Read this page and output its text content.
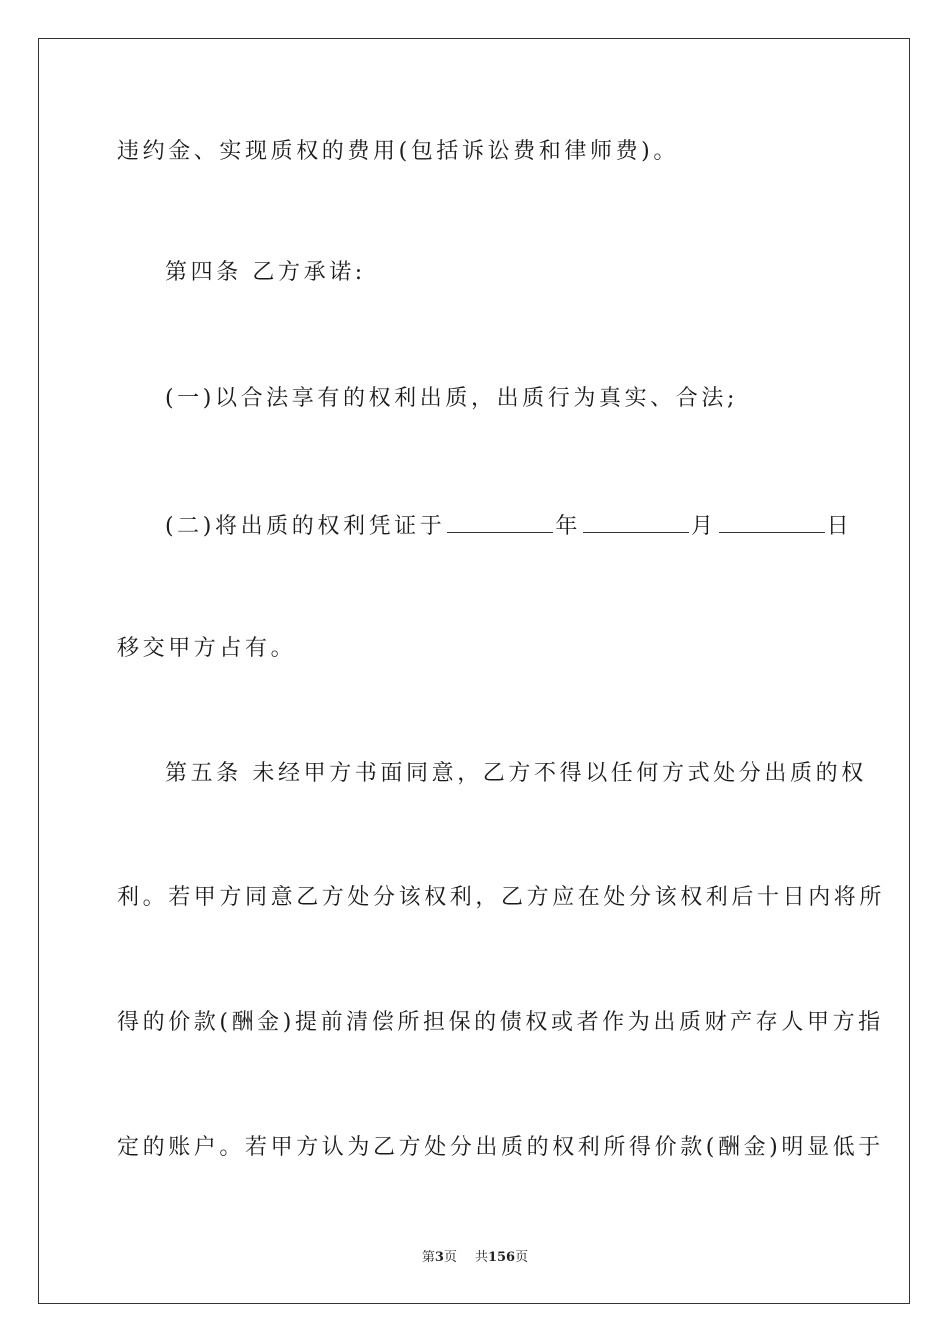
违约金、实现质权的费用(包括诉讼费和律师费)。
第四条 乙方承诺:
(一)以合法享有的权利出质，出质行为真实、合法;
(二)将出质的权利凭证于	年	月	日
移交甲方占有。
第五条 未经甲方书面同意，乙方不得以任何方式处分出质的权
利。若甲方同意乙方处分该权利，乙方应在处分该权利后十日内将所
得的价款(酬金)提前清偿所担保的债权或者作为出质财产存人甲方指
定的账户。若甲方认为乙方处分出质的权利所得价款(酬金)明显低于
第3页 共156页
